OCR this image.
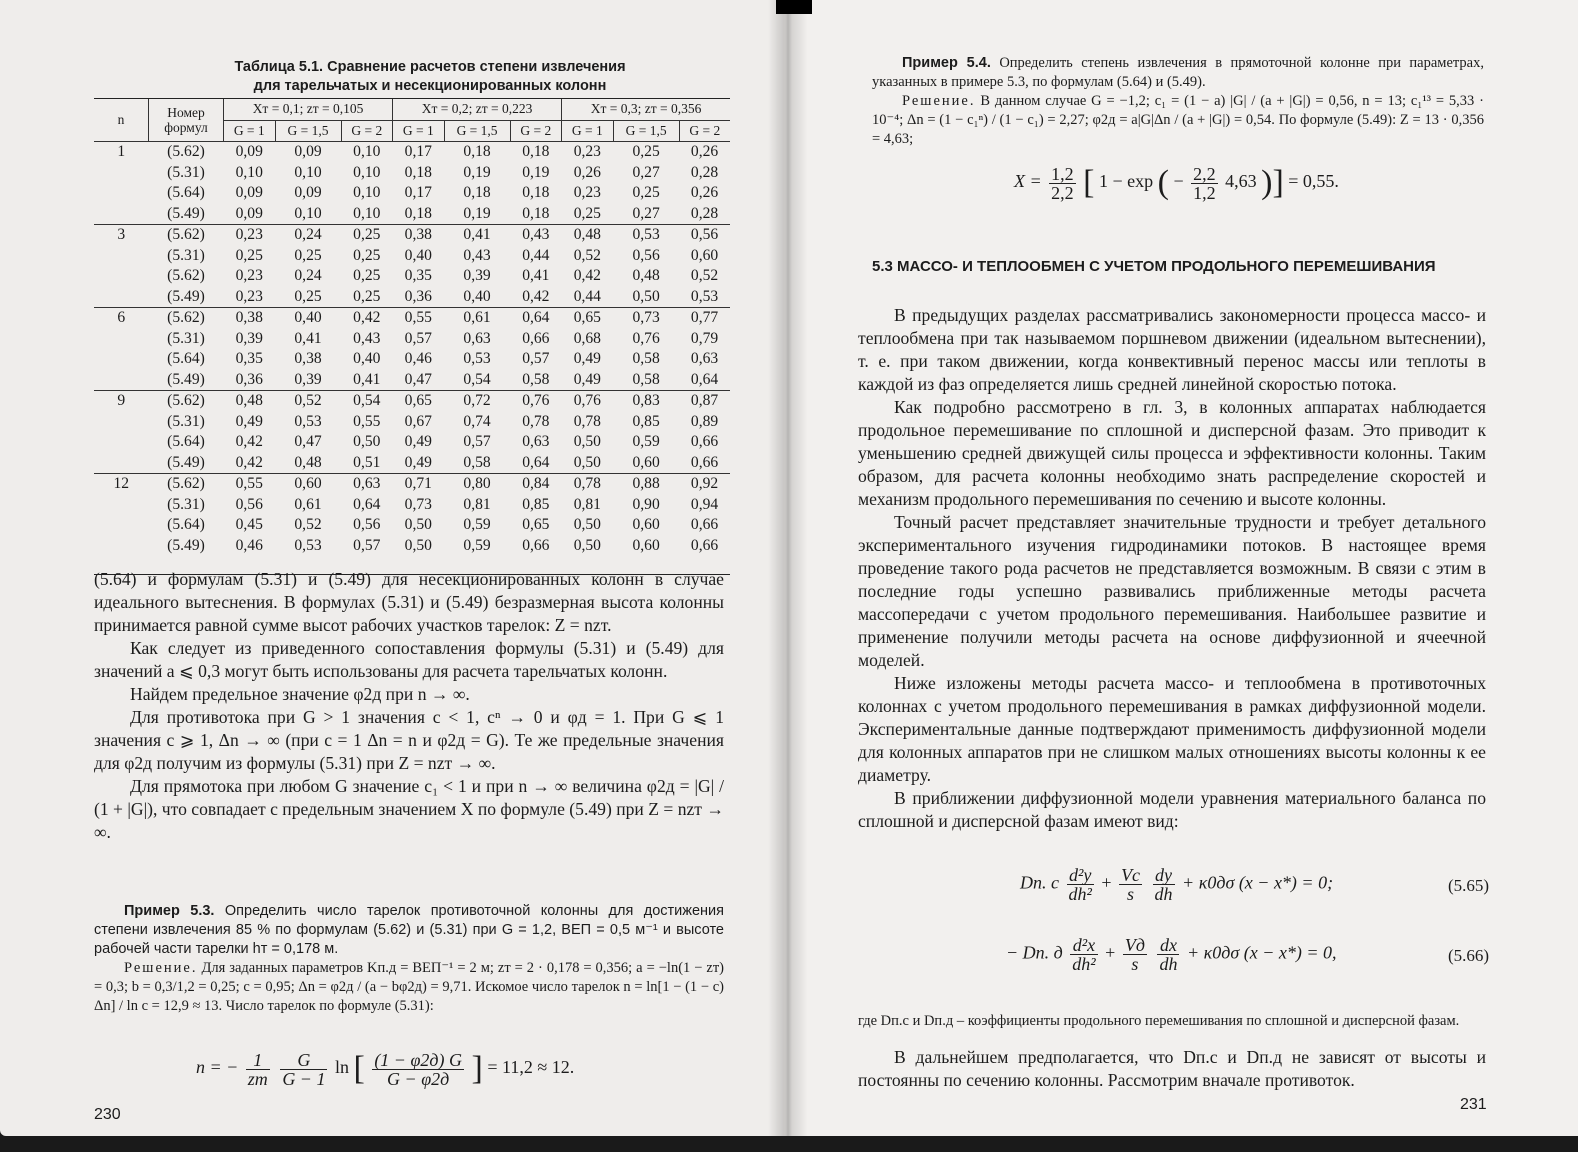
Таблица 5.1. Сравнение расчетов степени извлечения
для тарельчатых и несекционированных колонн
n	Номер формул	Xт = 0,1; zт = 0,105			Xт = 0,2; zт = 0,223			Xт = 0,3; zт = 0,356		
		G = 1	G = 1,5	G = 2	G = 1	G = 1,5	G = 2	G = 1	G = 1,5	G = 2
1	(5.62)	0,09	0,09	0,10	0,17	0,18	0,18	0,23	0,25	0,26
	(5.31)	0,10	0,10	0,10	0,18	0,19	0,19	0,26	0,27	0,28
	(5.64)	0,09	0,09	0,10	0,17	0,18	0,18	0,23	0,25	0,26
	(5.49)	0,09	0,10	0,10	0,18	0,19	0,18	0,25	0,27	0,28
3	(5.62)	0,23	0,24	0,25	0,38	0,41	0,43	0,48	0,53	0,56
	(5.31)	0,25	0,25	0,25	0,40	0,43	0,44	0,52	0,56	0,60
	(5.62)	0,23	0,24	0,25	0,35	0,39	0,41	0,42	0,48	0,52
	(5.49)	0,23	0,25	0,25	0,36	0,40	0,42	0,44	0,50	0,53
6	(5.62)	0,38	0,40	0,42	0,55	0,61	0,64	0,65	0,73	0,77
	(5.31)	0,39	0,41	0,43	0,57	0,63	0,66	0,68	0,76	0,79
	(5.64)	0,35	0,38	0,40	0,46	0,53	0,57	0,49	0,58	0,63
	(5.49)	0,36	0,39	0,41	0,47	0,54	0,58	0,49	0,58	0,64
9	(5.62)	0,48	0,52	0,54	0,65	0,72	0,76	0,76	0,83	0,87
	(5.31)	0,49	0,53	0,55	0,67	0,74	0,78	0,78	0,85	0,89
	(5.64)	0,42	0,47	0,50	0,49	0,57	0,63	0,50	0,59	0,66
	(5.49)	0,42	0,48	0,51	0,49	0,58	0,64	0,50	0,60	0,66
12	(5.62)	0,55	0,60	0,63	0,71	0,80	0,84	0,78	0,88	0,92
	(5.31)	0,56	0,61	0,64	0,73	0,81	0,85	0,81	0,90	0,94
	(5.64)	0,45	0,52	0,56	0,50	0,59	0,65	0,50	0,60	0,66
	(5.49)	0,46	0,53	0,57	0,50	0,59	0,66	0,50	0,60	0,66

(5.64) и формулам (5.31) и (5.49) для несекционированных колонн в случае идеального вытеснения. В формулах (5.31) и (5.49) безразмерная высота колонны принимается равной сумме высот рабочих участков тарелок: Z = nzт.

Как следует из приведенного сопоставления формулы (5.31) и (5.49) для значений a ⩽ 0,3 могут быть использованы для расчета тарельчатых колонн.

Найдем предельное значение φ2д при n → ∞.

Для противотока при G > 1 значения c < 1, cⁿ → 0 и φд = 1. При G ⩽ 1 значения c ⩾ 1, Δn → ∞ (при c = 1 Δn = n и φ2д = G). Те же предельные значения для φ2д получим из формулы (5.31) при Z = nzт → ∞.

Для прямотока при любом G значение c₁ < 1 и при n → ∞ величина φ2д = |G| / (1 + |G|), что совпадает с предельным значением X по формуле (5.49) при Z = nzт → ∞.

Пример 5.3. Определить число тарелок противоточной колонны для достижения степени извлечения 85 % по формулам (5.62) и (5.31) при G = 1,2, ВЕП = 0,5 м⁻¹ и высоте рабочей части тарелки hт = 0,178 м.

Решение. Для заданных параметров Kп.д = ВЕП⁻¹ = 2 м; zт = 2 · 0,178 = 0,356; a = −ln(1 − zт) = 0,3; b = 0,3/1,2 = 0,25; c = 0,95; Δn = φ2д / (a − bφ2д) = 9,71. Искомое число тарелок n = ln[1 − (1 − c) Δn] / ln c = 12,9 ≈ 13. Число тарелок по формуле (5.31):

n = − $\frac{1}{zт}$
$\frac{G}{G - 1}$ ln [ $\frac{(1 - \varphi 2д) G}{G - \varphi 2д}$ ] = 11,2 ≈ 12.
230

Пример 5.4. Определить степень извлечения в прямоточной колонне при параметрах, указанных в примере 5.3, по формулам (5.64) и (5.49).

Решение. В данном случае G = −1,2; c₁ = (1 − a) |G| / (a + |G|) = 0,56, n = 13; c₁¹³ = 5,33 · 10⁻⁴; Δn = (1 − c₁ⁿ) / (1 − c₁) = 2,27; φ2д = a|G|Δn / (a + |G|) = 0,54. По формуле (5.49): Z = 13 · 0,356 = 4,63;

$X = \frac{1,2}{2,2}$ [ 1 − exp ( − $\frac{2,2}{1,2} 4,63$ )] = 0,55.
5.3 МАССО- И ТЕПЛООБМЕН С УЧЕТОМ ПРОДОЛЬНОГО ПЕРЕМЕШИВАНИЯ

В предыдущих разделах рассматривались закономерности процесса массо- и теплообмена при так называемом поршневом движении (идеальном вытеснении), т. е. при таком движении, когда конвективный перенос массы или теплоты в каждой из фаз определяется лишь средней линейной скоростью потока.

Как подробно рассмотрено в гл. 3, в колонных аппаратах наблюдается продольное перемешивание по сплошной и дисперсной фазам. Это приводит к уменьшению средней движущей силы процесса и эффективности колонны. Таким образом, для расчета колонны необходимо знать распределение скоростей и механизм продольного перемешивания по сечению и высоте колонны.

Точный расчет представляет значительные трудности и требует детального экспериментального изучения гидродинамики потоков. В настоящее время проведение такого рода расчетов не представляется возможным. В связи с этим в последние годы успешно развивались приближенные методы расчета массопередачи с учетом продольного перемешивания. Наибольшее развитие и применение получили методы расчета на основе диффузионной и ячеечной моделей.

Ниже изложены методы расчета массо- и теплообмена в противоточных колоннах с учетом продольного перемешивания в рамках диффузионной модели. Экспериментальные данные подтверждают применимость диффузионной модели для колонных аппаратов при не слишком малых отношениях высоты колонны к ее диаметру.

В приближении диффузионной модели уравнения материального баланса по сплошной и дисперсной фазам имеют вид:

Dп. c $\frac{\text{d²y}}{\text{dh²}} + \frac{Vc}{s}$
$\frac{dy}{dh} + \kappa 0д\sigma$ (x − x*) = 0;	(5.65)
− Dп. д $\frac{\text{d²x}}{\text{dh²}} + \frac{Vд}{s}$
$\frac{dx}{dh} + \kappa 0д\sigma$ (x − x*) = 0,	(5.66)

где Dп.с и Dп.д – коэффициенты продольного перемешивания по сплошной и дисперсной фазам.

В дальнейшем предполагается, что Dп.с и Dп.д не зависят от высоты и постоянны по сечению колонны. Рассмотрим вначале противоток.

231
